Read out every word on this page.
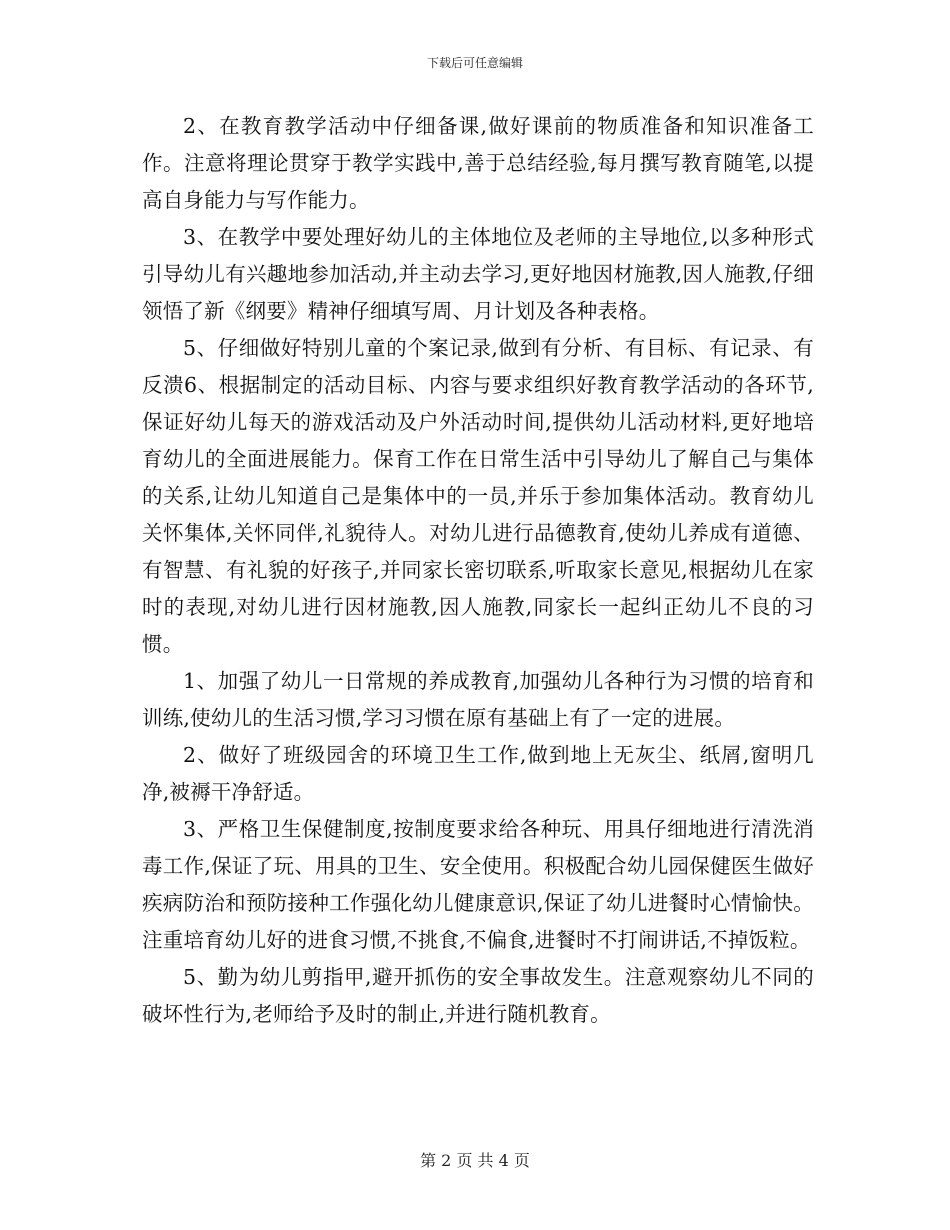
下载后可任意编辑

2、在教育教学活动中仔细备课,做好课前的物质准备和知识准备工作。注意将理论贯穿于教学实践中,善于总结经验,每月撰写教育随笔,以提高自身能力与写作能力。

3、在教学中要处理好幼儿的主体地位及老师的主导地位,以多种形式引导幼儿有兴趣地参加活动,并主动去学习,更好地因材施教,因人施教,仔细领悟了新《纲要》精神仔细填写周、月计划及各种表格。

5、仔细做好特别儿童的个案记录,做到有分析、有目标、有记录、有反溃6、根据制定的活动目标、内容与要求组织好教育教学活动的各环节,保证好幼儿每天的游戏活动及户外活动时间,提供幼儿活动材料,更好地培育幼儿的全面进展能力。保育工作在日常生活中引导幼儿了解自己与集体的关系,让幼儿知道自己是集体中的一员,并乐于参加集体活动。教育幼儿关怀集体,关怀同伴,礼貌待人。对幼儿进行品德教育,使幼儿养成有道德、有智慧、有礼貌的好孩子,并同家长密切联系,听取家长意见,根据幼儿在家时的表现,对幼儿进行因材施教,因人施教,同家长一起纠正幼儿不良的习惯。

1、加强了幼儿一日常规的养成教育,加强幼儿各种行为习惯的培育和训练,使幼儿的生活习惯,学习习惯在原有基础上有了一定的进展。

2、做好了班级园舍的环境卫生工作,做到地上无灰尘、纸屑,窗明几净,被褥干净舒适。

3、严格卫生保健制度,按制度要求给各种玩、用具仔细地进行清洗消毒工作,保证了玩、用具的卫生、安全使用。积极配合幼儿园保健医生做好疾病防治和预防接种工作强化幼儿健康意识,保证了幼儿进餐时心情愉快。注重培育幼儿好的进食习惯,不挑食,不偏食,进餐时不打闹讲话,不掉饭粒。

5、勤为幼儿剪指甲,避开抓伤的安全事故发生。注意观察幼儿不同的破坏性行为,老师给予及时的制止,并进行随机教育。

第 2 页 共 4 页
